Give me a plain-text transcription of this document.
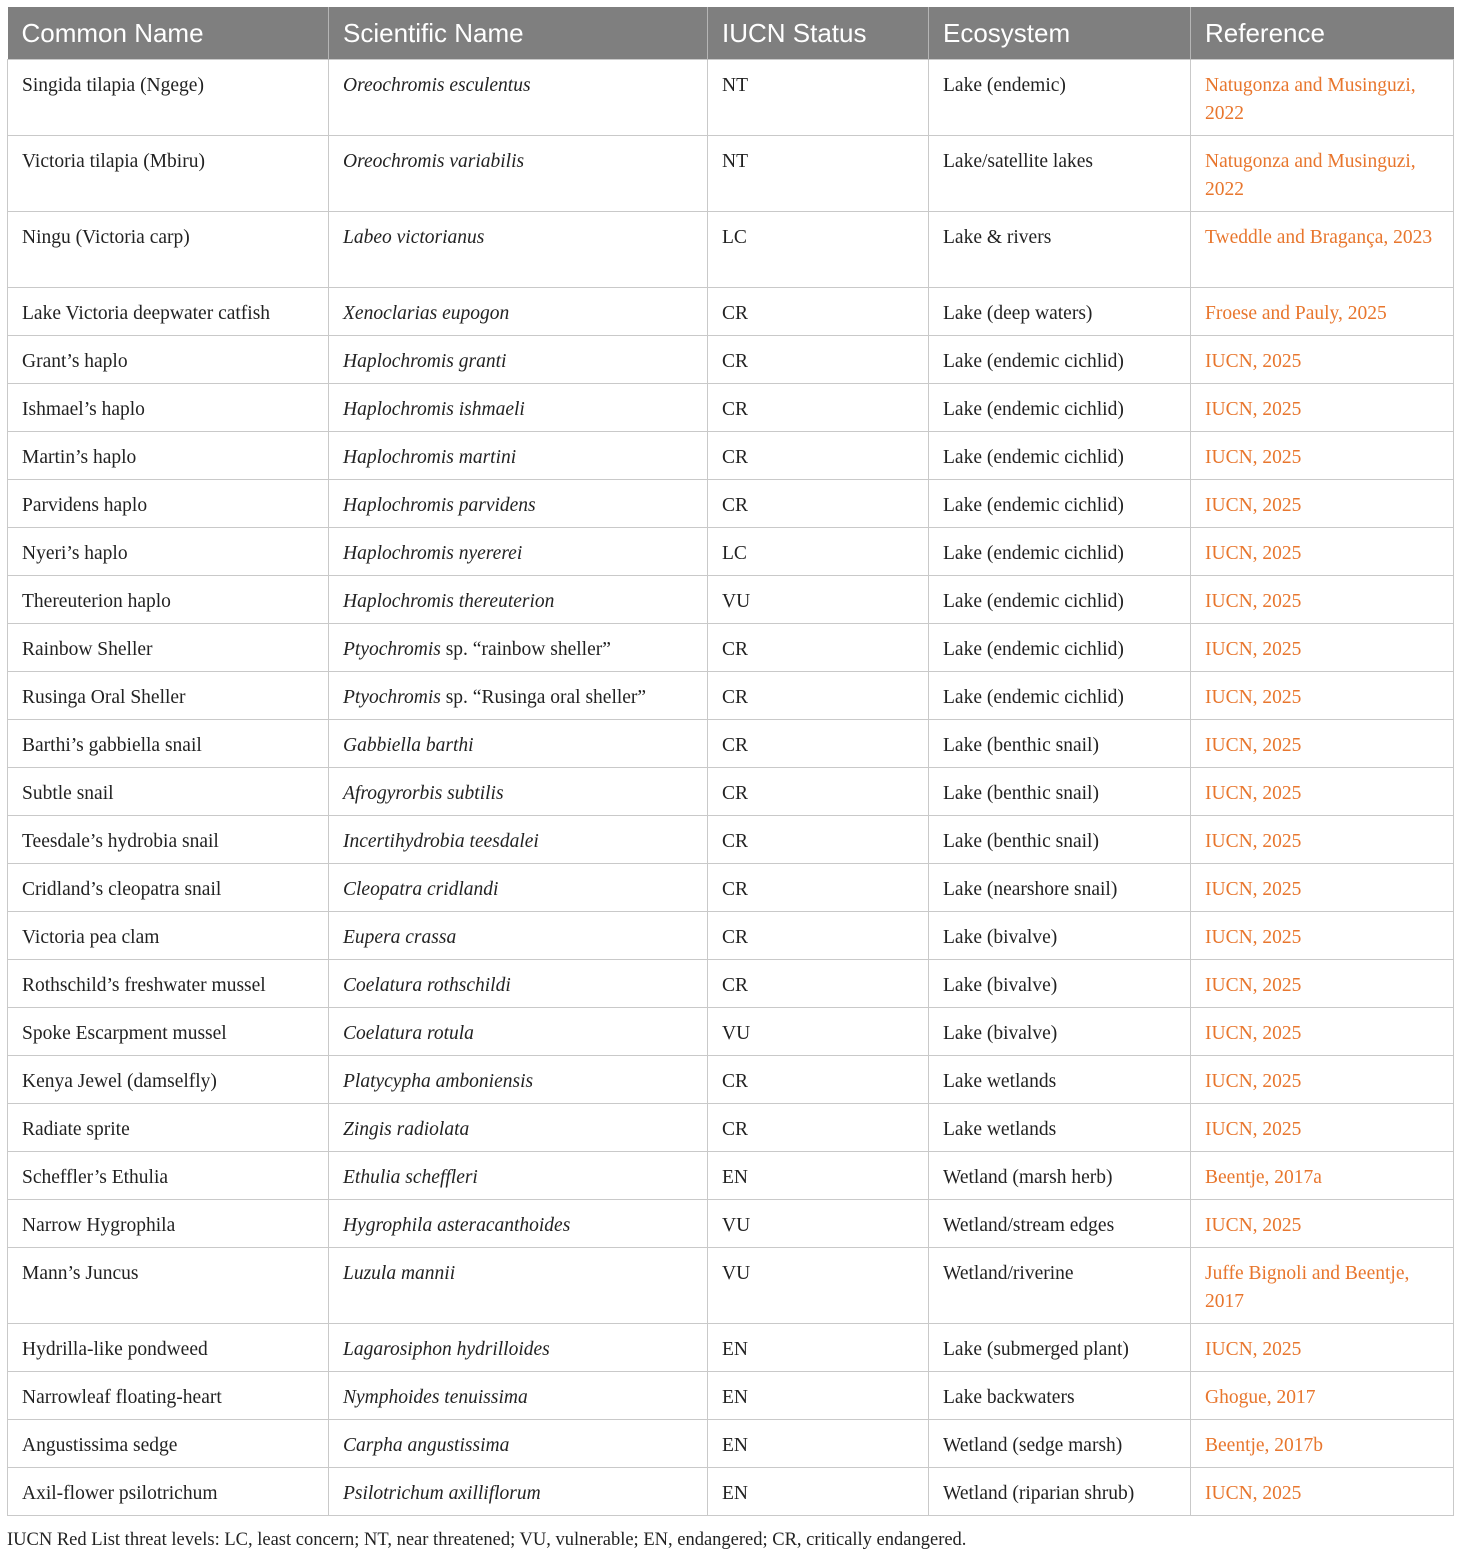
Common Name	Scientific Name	IUCN Status	Ecosystem	Reference
Singida tilapia (Ngege)	Oreochromis esculentus	NT	Lake (endemic)	Natugonza and Musinguzi, 2022
Victoria tilapia (Mbiru)	Oreochromis variabilis	NT	Lake/satellite lakes	Natugonza and Musinguzi, 2022
Ningu (Victoria carp)	Labeo victorianus	LC	Lake & rivers	Tweddle and Bragança, 2023
Lake Victoria deepwater catfish	Xenoclarias eupogon	CR	Lake (deep waters)	Froese and Pauly, 2025
Grant’s haplo	Haplochromis granti	CR	Lake (endemic cichlid)	IUCN, 2025
Ishmael’s haplo	Haplochromis ishmaeli	CR	Lake (endemic cichlid)	IUCN, 2025
Martin’s haplo	Haplochromis martini	CR	Lake (endemic cichlid)	IUCN, 2025
Parvidens haplo	Haplochromis parvidens	CR	Lake (endemic cichlid)	IUCN, 2025
Nyeri’s haplo	Haplochromis nyererei	LC	Lake (endemic cichlid)	IUCN, 2025
Thereuterion haplo	Haplochromis thereuterion	VU	Lake (endemic cichlid)	IUCN, 2025
Rainbow Sheller	Ptyochromis sp. “rainbow sheller”	CR	Lake (endemic cichlid)	IUCN, 2025
Rusinga Oral Sheller	Ptyochromis sp. “Rusinga oral sheller”	CR	Lake (endemic cichlid)	IUCN, 2025
Barthi’s gabbiella snail	Gabbiella barthi	CR	Lake (benthic snail)	IUCN, 2025
Subtle snail	Afrogyrorbis subtilis	CR	Lake (benthic snail)	IUCN, 2025
Teesdale’s hydrobia snail	Incertihydrobia teesdalei	CR	Lake (benthic snail)	IUCN, 2025
Cridland’s cleopatra snail	Cleopatra cridlandi	CR	Lake (nearshore snail)	IUCN, 2025
Victoria pea clam	Eupera crassa	CR	Lake (bivalve)	IUCN, 2025
Rothschild’s freshwater mussel	Coelatura rothschildi	CR	Lake (bivalve)	IUCN, 2025
Spoke Escarpment mussel	Coelatura rotula	VU	Lake (bivalve)	IUCN, 2025
Kenya Jewel (damselfly)	Platycypha amboniensis	CR	Lake wetlands	IUCN, 2025
Radiate sprite	Zingis radiolata	CR	Lake wetlands	IUCN, 2025
Scheffler’s Ethulia	Ethulia scheffleri	EN	Wetland (marsh herb)	Beentje, 2017a
Narrow Hygrophila	Hygrophila asteracanthoides	VU	Wetland/stream edges	IUCN, 2025
Mann’s Juncus	Luzula mannii	VU	Wetland/riverine	Juffe Bignoli and Beentje, 2017
Hydrilla-like pondweed	Lagarosiphon hydrilloides	EN	Lake (submerged plant)	IUCN, 2025
Narrowleaf floating-heart	Nymphoides tenuissima	EN	Lake backwaters	Ghogue, 2017
Angustissima sedge	Carpha angustissima	EN	Wetland (sedge marsh)	Beentje, 2017b
Axil-flower psilotrichum	Psilotrichum axilliflorum	EN	Wetland (riparian shrub)	IUCN, 2025
IUCN Red List threat levels: LC, least concern; NT, near threatened; VU, vulnerable; EN, endangered; CR, critically endangered.
